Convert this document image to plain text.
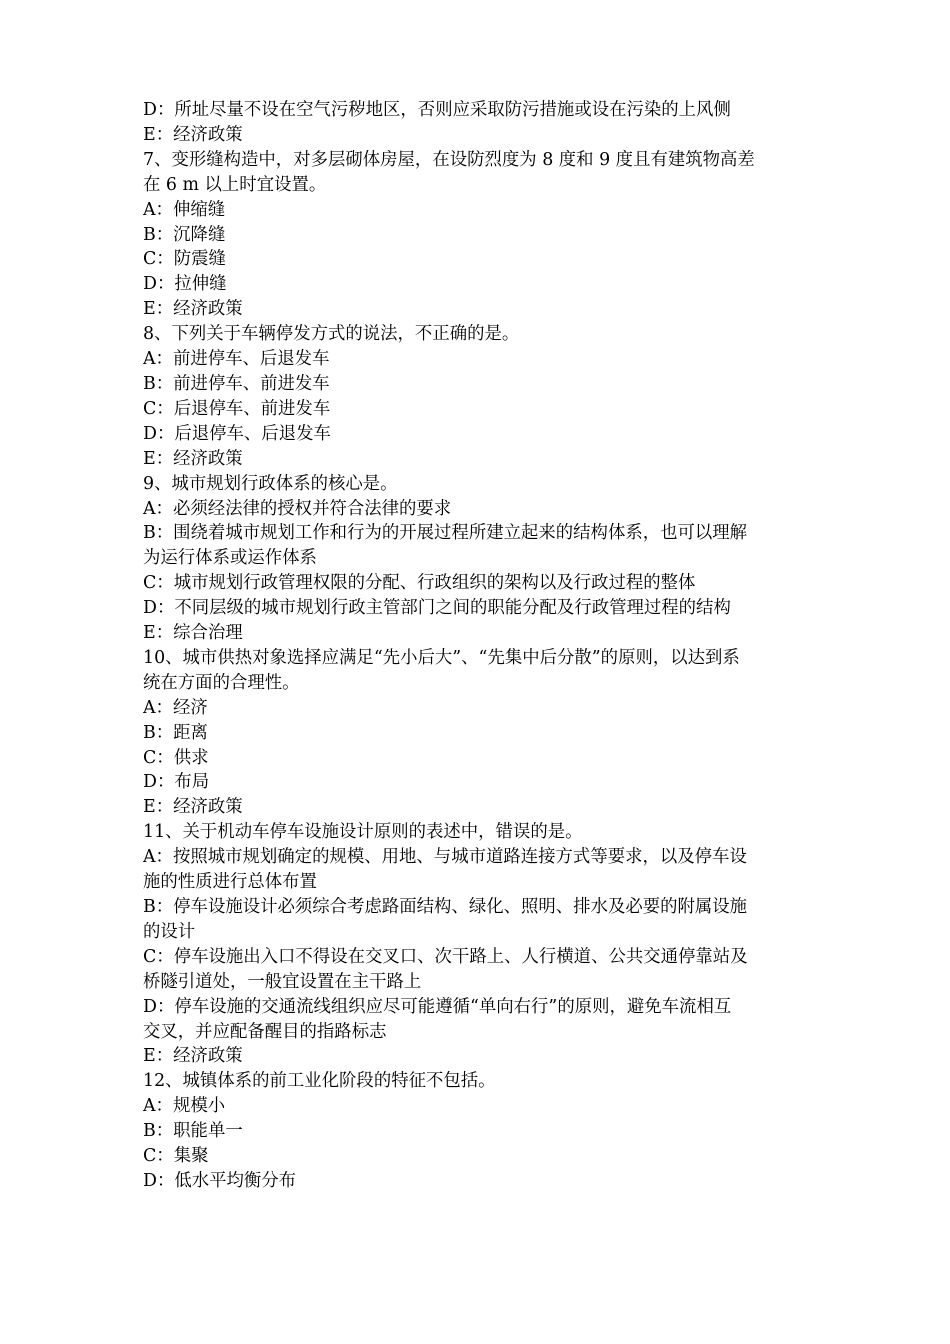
D：所址尽量不设在空气污秽地区，否则应采取防污措施或设在污染的上风侧
E：经济政策
7、变形缝构造中，对多层砌体房屋，在设防烈度为 8 度和 9 度且有建筑物高差
在 6 m 以上时宜设置。
A：伸缩缝
B：沉降缝
C：防震缝
D：拉伸缝
E：经济政策
8、下列关于车辆停发方式的说法，不正确的是。
A：前进停车、后退发车
B：前进停车、前进发车
C：后退停车、前进发车
D：后退停车、后退发车
E：经济政策
9、城市规划行政体系的核心是。
A：必须经法律的授权并符合法律的要求
B：围绕着城市规划工作和行为的开展过程所建立起来的结构体系，也可以理解
为运行体系或运作体系
C：城市规划行政管理权限的分配、行政组织的架构以及行政过程的整体
D：不同层级的城市规划行政主管部门之间的职能分配及行政管理过程的结构
E：综合治理
10、城市供热对象选择应满足“先小后大”、“先集中后分散”的原则，以达到系
统在方面的合理性。
A：经济
B：距离
C：供求
D：布局
E：经济政策
11、关于机动车停车设施设计原则的表述中，错误的是。
A：按照城市规划确定的规模、用地、与城市道路连接方式等要求，以及停车设
施的性质进行总体布置
B：停车设施设计必须综合考虑路面结构、绿化、照明、排水及必要的附属设施
的设计
C：停车设施出入口不得设在交叉口、次干路上、人行横道、公共交通停靠站及
桥隧引道处，一般宜设置在主干路上
D：停车设施的交通流线组织应尽可能遵循“单向右行”的原则，避免车流相互
交叉，并应配备醒目的指路标志
E：经济政策
12、城镇体系的前工业化阶段的特征不包括。
A：规模小
B：职能单一
C：集聚
D：低水平均衡分布
